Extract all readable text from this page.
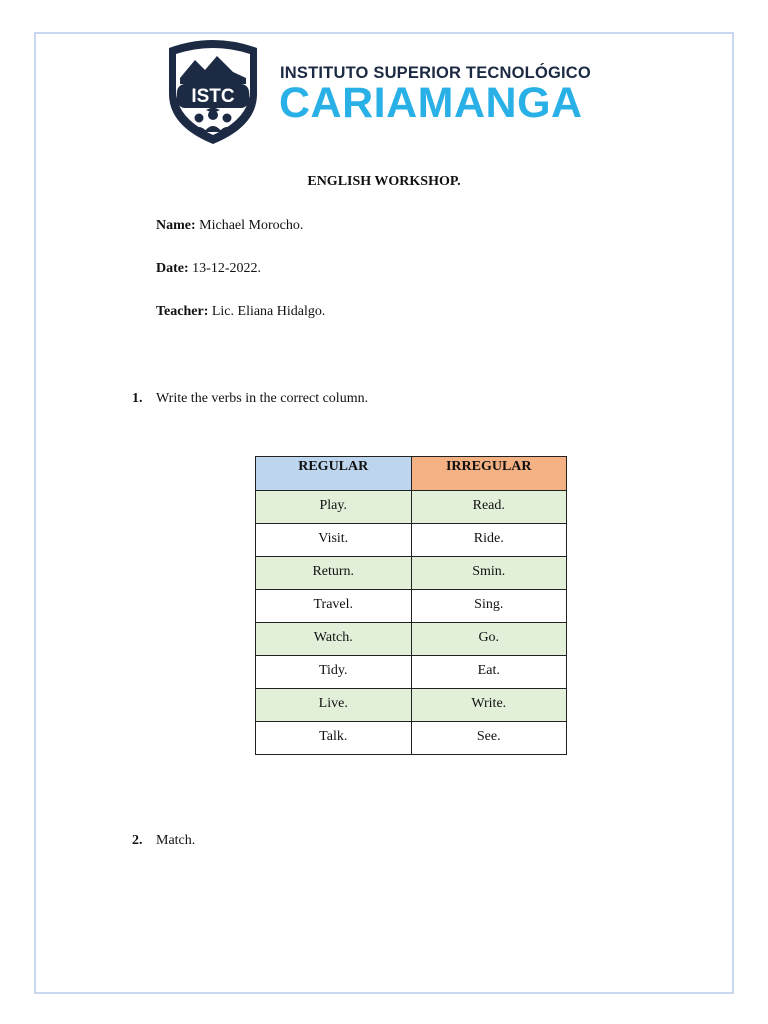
ISTC
INSTITUTO SUPERIOR TECNOLÓGICO
CARIAMANGA
ENGLISH WORKSHOP.
Name: Michael Morocho.
Date: 13-12-2022.
Teacher: Lic. Eliana Hidalgo.
1. Write the verbs in the correct column.
REGULAR	IRREGULAR
Play.	Read.
Visit.	Ride.
Return.	Smin.
Travel.	Sing.
Watch.	Go.
Tidy.	Eat.
Live.	Write.
Talk.	See.
2. Match.
